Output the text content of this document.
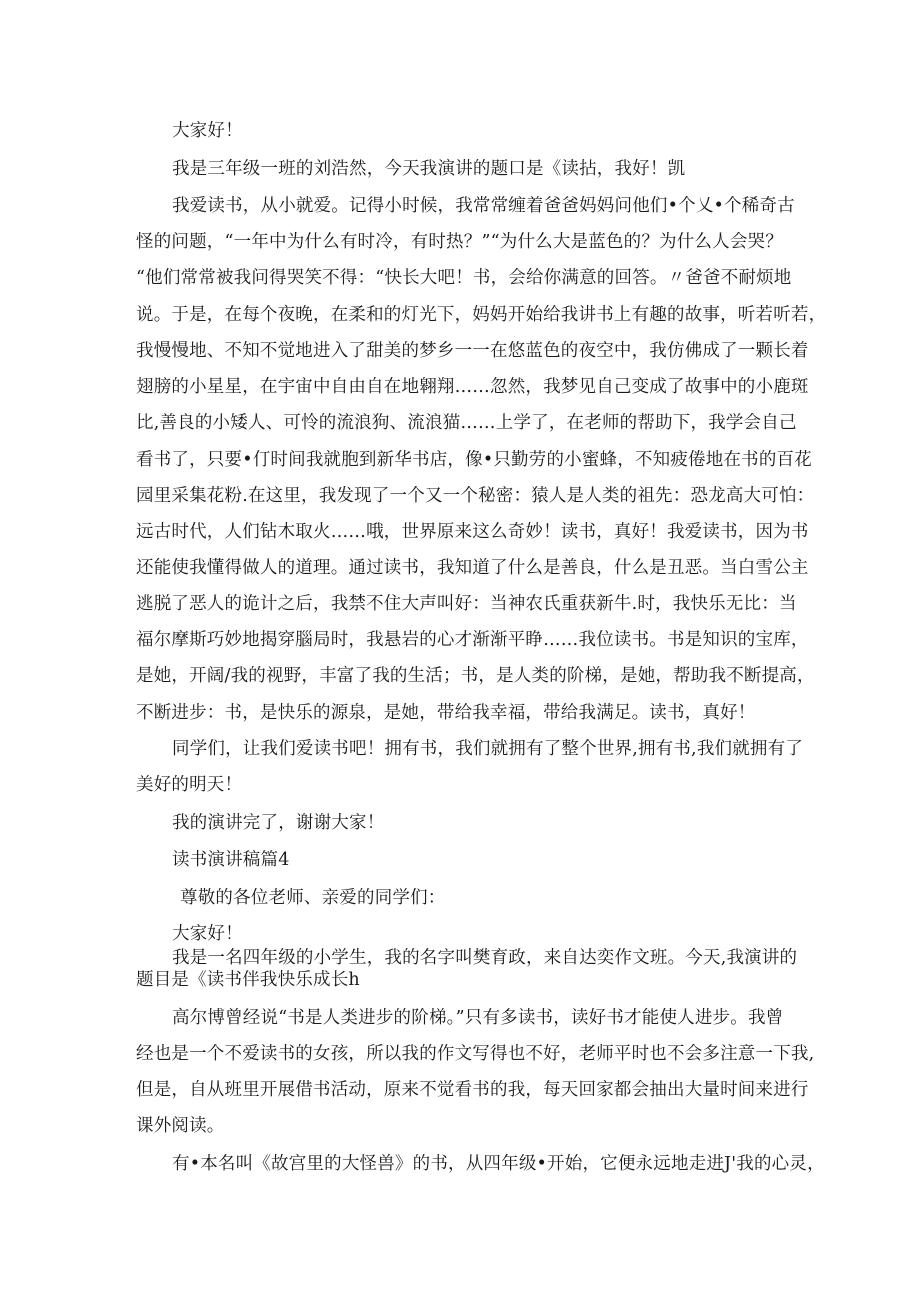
大家好！
我是三年级一班的刘浩然，今天我演讲的题口是《读拈，我好！凯
我爱读书，从小就爱。记得小时候，我常常缠着爸爸妈妈问他们•个乂•个稀奇古
怪的问题，“一年中为什么有时冷，有时热？”“为什么大是蓝色的？为什么人会哭？
“他们常常被我问得哭笑不得：“快长大吧！书，会给你满意的回答。〃爸爸不耐烦地
说。于是，在每个夜晚，在柔和的灯光下，妈妈开始给我讲书上有趣的故事，听若听若，
我慢慢地、不知不觉地进入了甜美的梦乡一一在悠蓝色的夜空中，我仿佛成了一颗长着
翅膀的小星星，在宇宙中自由自在地翱翔……忽然，我梦见自己变成了故事中的小鹿斑
比,善良的小矮人、可怜的流浪狗、流浪猫……上学了，在老师的帮助下，我学会自己
看书了，只要•仃时间我就胞到新华书店，像•只勤劳的小蜜蜂，不知疲倦地在书的百花
园里采集花粉.在这里，我发现了一个又一个秘密：猿人是人类的祖先：恐龙高大可怕：
远古时代，人们钻木取火……哦，世界原来这么奇妙！读书，真好！我爱读书，因为书
还能使我懂得做人的道理。通过读书，我知道了什么是善良，什么是丑恶。当白雪公主
逃脱了恶人的诡计之后，我禁不住大声叫好：当神农氏重获新牛.时，我快乐无比：当
福尔摩斯巧妙地揭穿腦局时，我悬岩的心才渐渐平睁……我位读书。书是知识的宝库，
是她，开阔/我的视野，丰富了我的生活；书，是人类的阶梯，是她，帮助我不断提高，
不断进步：书，是快乐的源泉，是她，带给我幸福，带给我满足。读书，真好！
同学们，让我们爱读书吧！拥有书，我们就拥有了整个世界,拥有书,我们就拥有了
美好的明天！
我的演讲完了，谢谢大家！
读书演讲稿篇4
尊敬的各位老师、亲爱的同学们：
大家好！
我是一名四年级的小学生，我的名字叫樊育政，来自达奕作文班。今天,我演讲的
题目是《读书伴我快乐成长h
高尔博曾经说“书是人类进步的阶梯。”只有多读书，读好书才能使人进步。我曾
经也是一个不爱读书的女孩，所以我的作文写得也不好，老师平时也不会多注意一下我,
但是，自从班里开展借书活动，原来不觉看书的我，每天回家都会抽出大量时间来进行
课外阅读。
有•本名叫《故宫里的大怪兽》的书，从四年级•开始，它便永远地走进J'我的心灵，
